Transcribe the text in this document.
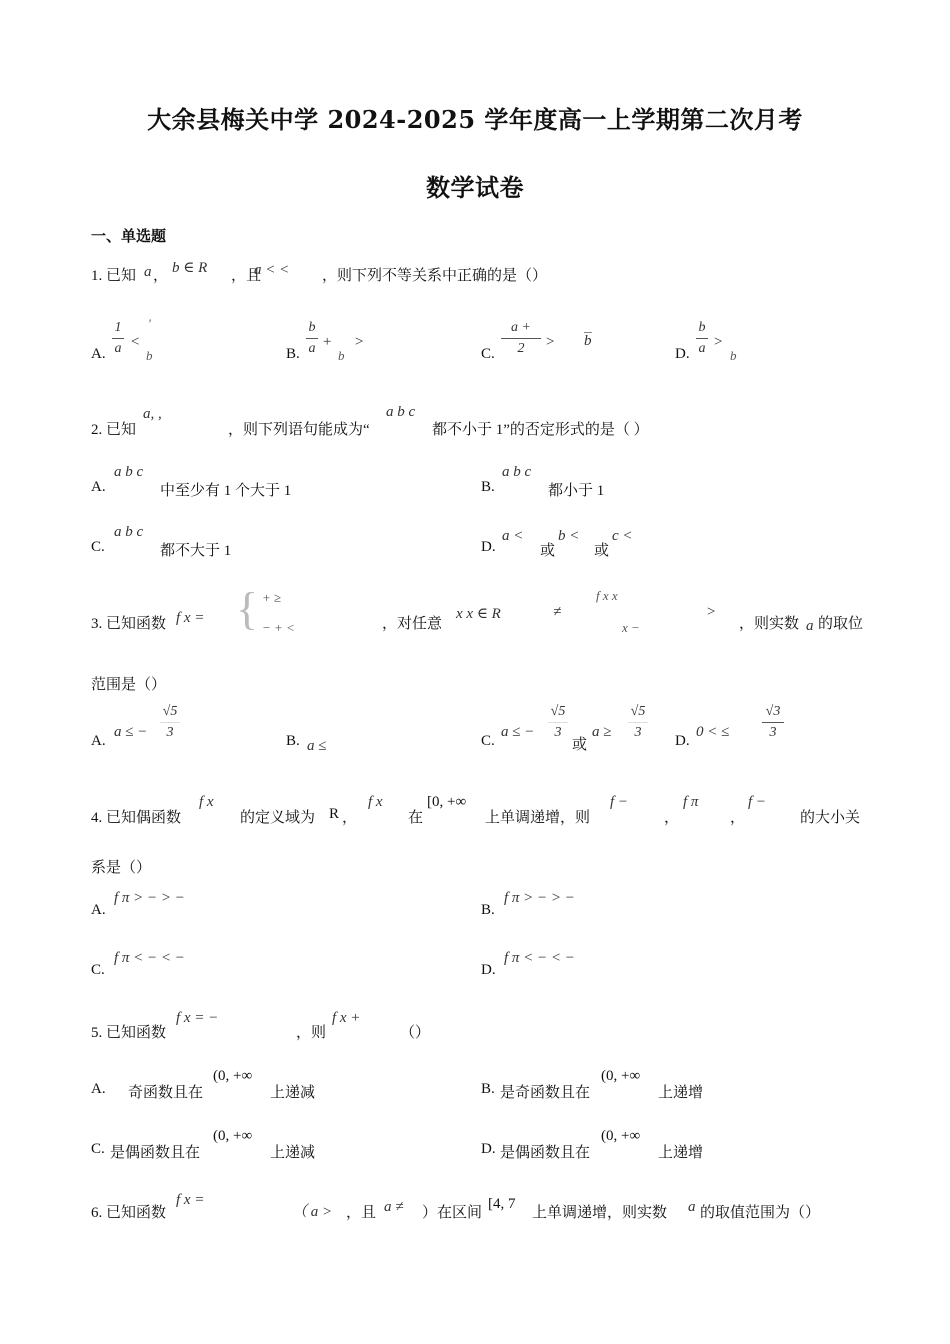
大余县梅关中学 2024-2025 学年度高一上学期第二次月考
数学试卷
一、单选题
1. 已知 a ， b ∈ R ，且
a < < ，则下列不等关系中正确的是（）
A.
1
a <
'
b	B.
b
a +
b
>
C.
a +
2	> b
D.
b
a >
b
2. 已知
a, ,
，则下列语句能成为“
a b c
都不小于 1”的否定形式的是（ ）
A.
a b c
中至少有 1 个大于 1	B.
a b c
都小于 1
C.
a b c
都不大于 1	D.
a <
或
b <
或
c <
3. 已知函数 f x = { + ≥
− + <	，对任意
x x ∈ R	≠
f x x
x −
>
，则实数 a 的取位
范围是（）
A.
a ≤ −
√5
3
B. a ≤	C.
a ≤ −
√5
3
或
a ≥
√5
3
D.
0 < ≤
√3
3
4. 已知偶函数
f x
的定义域为 R ，
f x
在
[0, +∞
上单调递增，则
f −
，
f π
，
f −
的大小关
系是（）
A.
f π > − > −
B.
f π > − > −
C.
f π < − < −
D.
f π < − < −
5. 已知函数
f x = −
，则
f x +
（）
A. 奇函数且在
(0, +∞
上递减	B. 是奇函数且在
(0, +∞
上递增
C. 是偶函数且在
(0, +∞
上递减	D. 是偶函数且在
(0, +∞
上递增
6. 已知函数
f x =
（ a > ，且 a ≠ ）在区间
[4, 7
上单调递增，则实数 a 的取值范围为（）
